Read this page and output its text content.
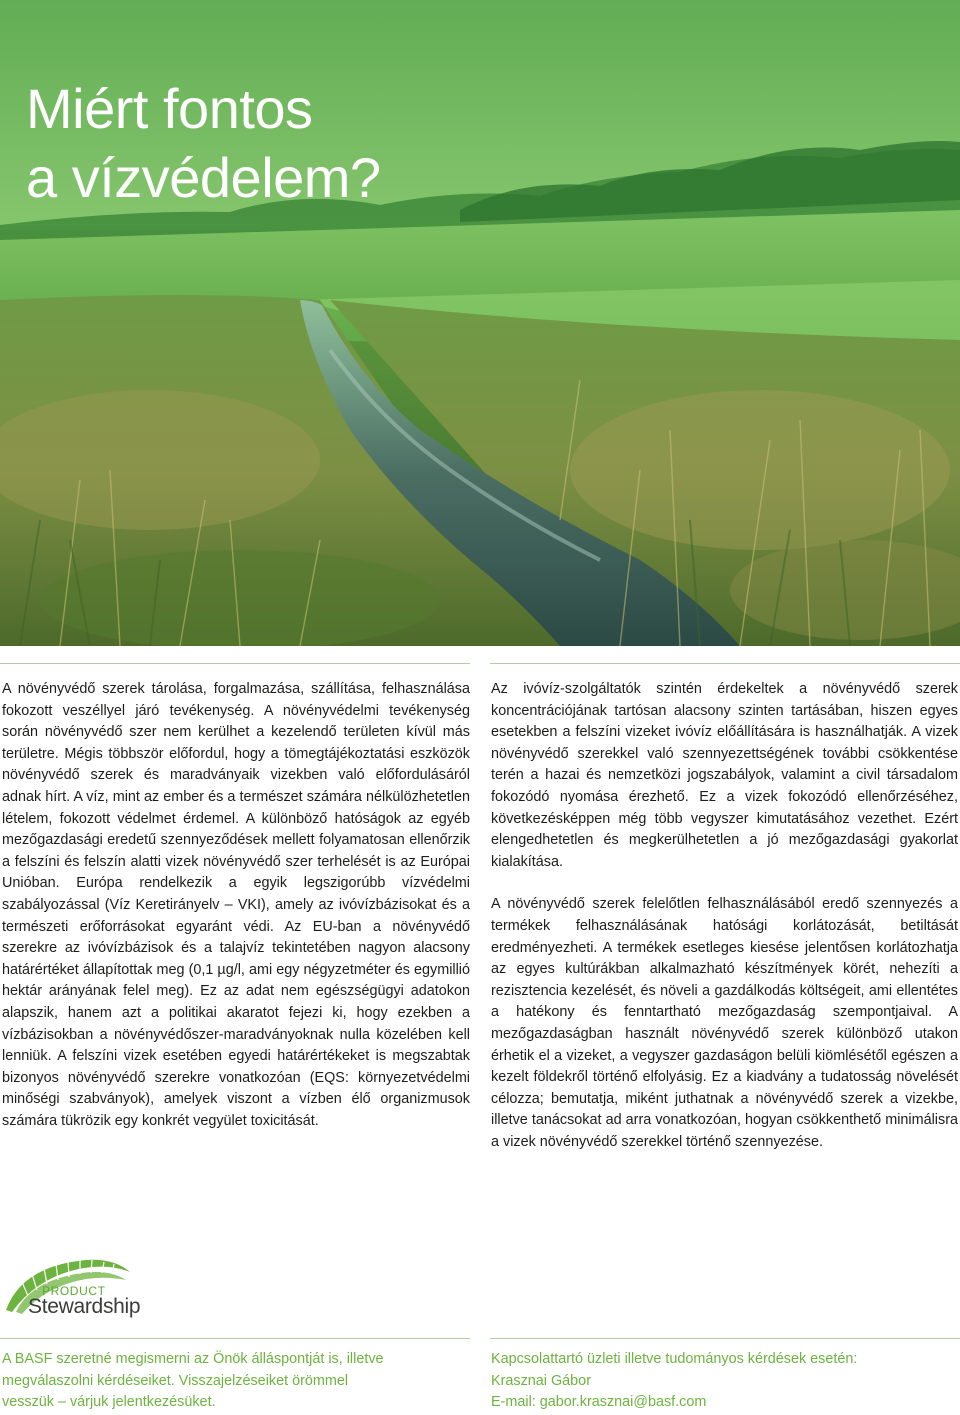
Miért fontos
a vízvédelem?

A növényvédő szerek tárolása, forgalmazása, szállítása, felhasználása fokozott veszéllyel járó tevékenység. A növényvédelmi tevékenység során növényvédő szer nem kerülhet a kezelendő területen kívül más területre. Mégis többször előfordul, hogy a tömegtájékoztatási eszközök növényvédő szerek és maradványaik vizekben való előfordulásáról adnak hírt. A víz, mint az ember és a természet számára nélkülözhetetlen lételem, fokozott védelmet érdemel. A különböző hatóságok az egyéb mezőgazdasági eredetű szennyeződések mellett folyamatosan ellenőrzik a felszíni és felszín alatti vizek növényvédő szer terhelését is az Európai Unióban. Európa rendelkezik a egyik legszigorúbb vízvédelmi szabályozással (Víz Keretirányelv – VKI), amely az ivóvízbázisokat és a természeti erőforrásokat egyaránt védi. Az EU-ban a növényvédő szerekre az ivóvízbázisok és a talajvíz tekintetében nagyon alacsony határértéket állapítottak meg (0,1 µg/l, ami egy négyzetméter és egymillió hektár arányának felel meg). Ez az adat nem egészségügyi adatokon alapszik, hanem azt a politikai akaratot fejezi ki, hogy ezekben a vízbázisokban a növényvédőszer-maradványoknak nulla közelében kell lenniük. A felszíni vizek esetében egyedi határértékeket is megszabtak bizonyos növényvédő szerekre vonatkozóan (EQS: környezetvédelmi minőségi szabványok), amelyek viszont a vízben élő organizmusok számára tükrözik egy konkrét vegyület toxicitását.

Az ivóvíz-szolgáltatók szintén érdekeltek a növényvédő szerek koncentrációjának tartósan alacsony szinten tartásában, hiszen egyes esetekben a felszíni vizeket ivóvíz előállítására is használhatják. A vizek növényvédő szerekkel való szennyezettségének további csökkentése terén a hazai és nemzetközi jogszabályok, valamint a civil társadalom fokozódó nyomása érezhető. Ez a vizek fokozódó ellenőrzéséhez, következésképpen még több vegyszer kimutatásához vezethet. Ezért elengedhetetlen és megkerülhetetlen a jó mezőgazdasági gyakorlat kialakítása.

A növényvédő szerek felelőtlen felhasználásából eredő szennyezés a termékek felhasználásának hatósági korlátozását, betiltását eredményezheti. A termékek esetleges kiesése jelentősen korlátozhatja az egyes kultúrákban alkalmazható készítmények körét, nehezíti a rezisztencia kezelését, és növeli a gazdálkodás költségeit, ami ellentétes a hatékony és fenntartható mezőgazdaság szempontjaival. A mezőgazdaságban használt növényvédő szerek különböző utakon érhetik el a vizeket, a vegyszer gazdaságon belüli kiömlésétől egészen a kezelt földekről történő elfolyásig. Ez a kiadvány a tudatosság növelését célozza; bemutatja, miként juthatnak a növényvédő szerek a vizekbe, illetve tanácsokat ad arra vonatkozóan, hogyan csökkenthető minimálisra a vizek növényvédő szerekkel történő szennyezése.

PRODUCT
Stewardship
A BASF szeretné megismerni az Önök álláspontját is, illetve
megválaszolni kérdéseiket. Visszajelzéseiket örömmel
vesszük – várjuk jelentkezésüket.
Kapcsolattartó üzleti illetve tudományos kérdések esetén:
Krasznai Gábor
E-mail: gabor.krasznai@basf.com
